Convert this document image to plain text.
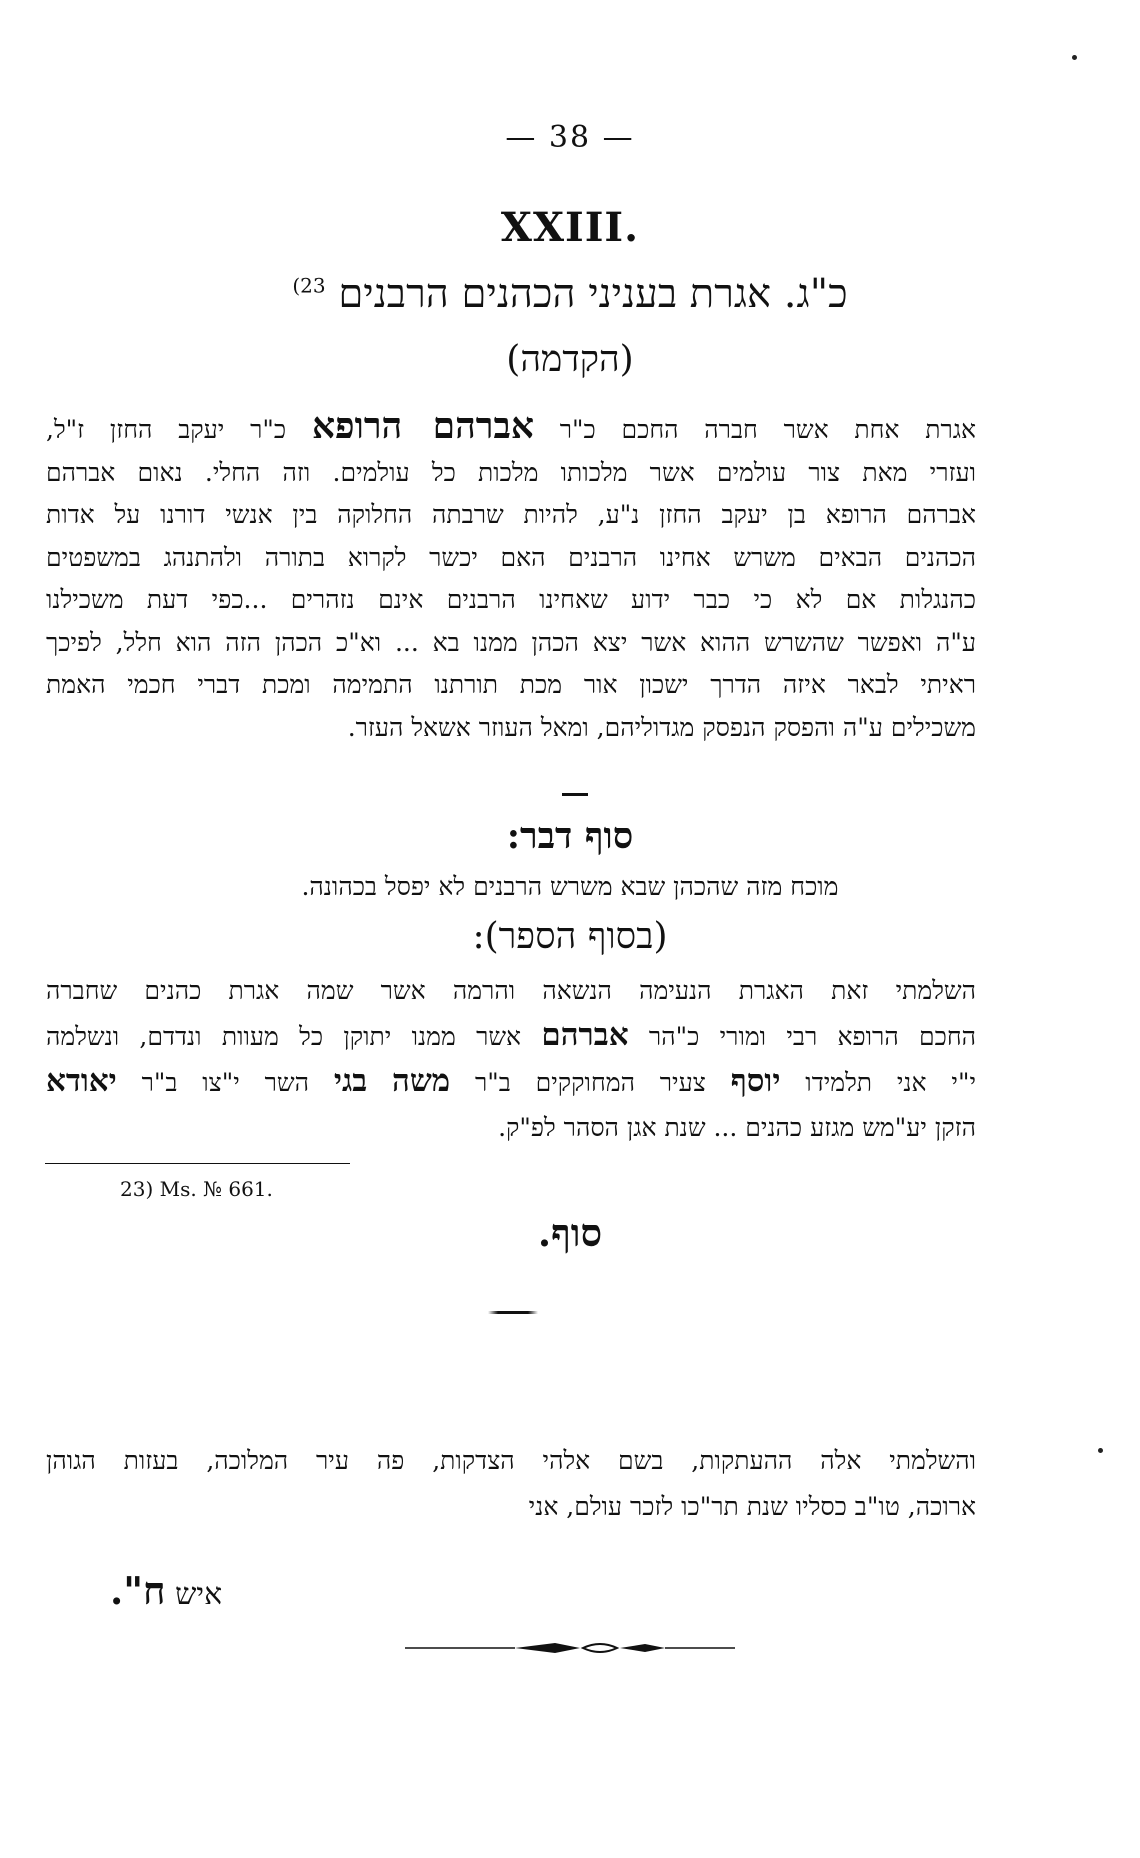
— 38 —
XXIII.
כ"ג. אגרת בעניני הכהנים הרבנים $^{23)}$
(הקדמה)

אגרת אחת אשר חברה החכם כ"ר אברהם הרופא כ"ר יעקב החזן ז"ל,
ועזרי מאת צור עולמים אשר מלכותו מלכות כל עולמים. וזה החלי. נאום אברהם
אברהם הרופא בן יעקב החזן נ"ע, להיות שרבתה החלוקה בין אנשי דורנו על אדות
הכהנים הבאים משרש אחינו הרבנים האם יכשר לקרוא בתורה ולהתנהג במשפטים
כהנגלות אם לא כי כבר ידוע שאחינו הרבנים אינם נזהרים ...כפי דעת משכילנו
ע"ה ואפשר שהשרש ההוא אשר יצא הכהן ממנו בא ... וא"כ הכהן הזה הוא חלל, לפיכך
ראיתי לבאר איזה הדרך ישכון אור מכת תורתנו התמימה ומכת דברי חכמי האמת
משכילים ע"ה והפסק הנפסק מגדוליהם, ומאל העוזר אשאל העזר.

סוף דבר:
מוכח מזה שהכהן שבא משרש הרבנים לא יפסל בכהונה.
(בסוף הספר):

השלמתי זאת האגרת הנעימה הנשאה והרמה אשר שמה אגרת כהנים שחברה
החכם הרופא רבי ומורי כ"הר אברהם אשר ממנו יתוקן כל מעוות ונדדם, ונשלמה
י"י אני תלמידו יוסף צעיר המחוקקים ב"ר משה בגי השר י"צו ב"ר יאודא
הזקן יע"מש מגזע כהנים ... שנת אגן הסהר לפ"ק.

23) Ms. № 661.
סוף.

והשלמתי אלה ההעתקות, בשם אלהי הצדקות, פה עיר המלוכה, בעזות הגוהן
ארוכה, טו"ב כסליו שנת תר"כו לזכר עולם, אני

איש ח".
